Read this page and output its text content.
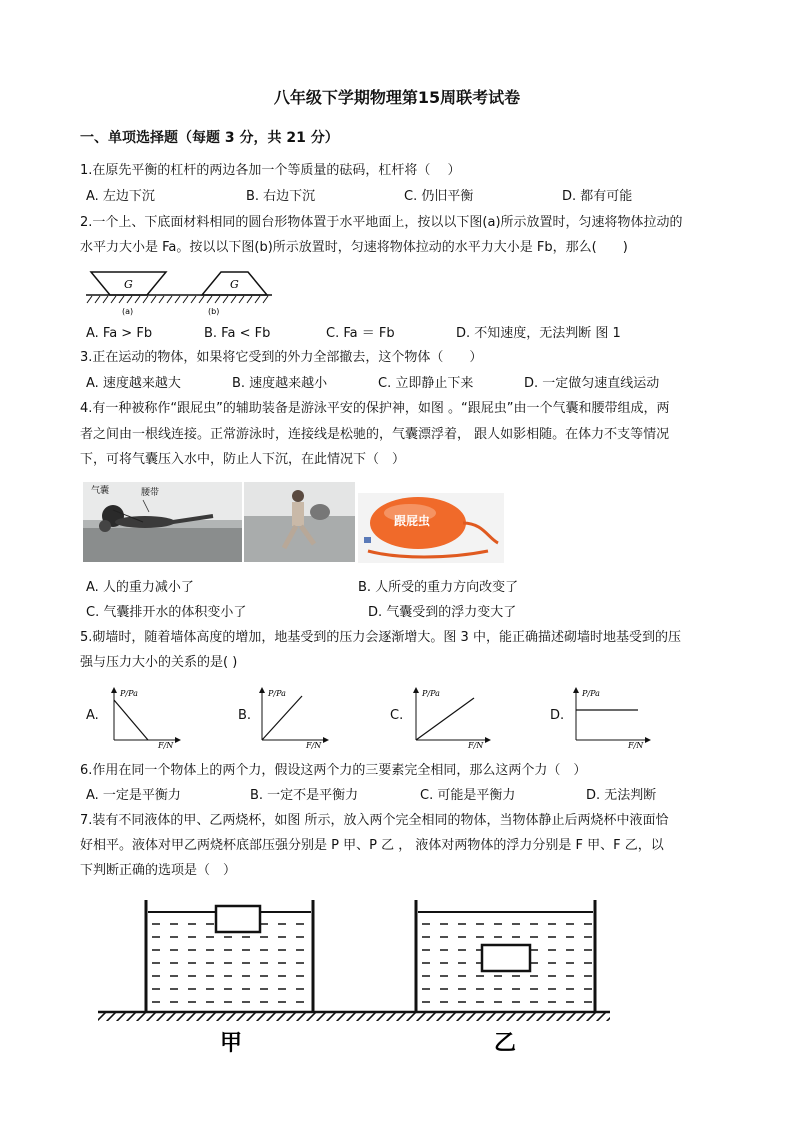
八年级下学期物理第15周联考试卷
一、单项选择题（每题 3 分，共 21 分）
1.在原先平衡的杠杆的两边各加一个等质量的砝码，杠杆将（　 ）
A. 左边下沉	B. 右边下沉	C. 仍旧平衡	D. 都有可能
2.一个上、下底面材料相同的圆台形物体置于水平地面上，按以以下图(a)所示放置时，匀速将物体拉动的
水平力大小是 Fa。按以以下图(b)所示放置时，匀速将物体拉动的水平力大小是 Fb，那么(　　)
G	G
(a)	(b)
A. Fa > Fb	B. Fa < Fb	C. Fa ＝ Fb	D. 不知速度，无法判断 图 1
3.正在运动的物体，如果将它受到的外力全部撤去，这个物体（　　）
A. 速度越来越大	B. 速度越来越小	C. 立即静止下来	D. 一定做匀速直线运动
4.有一种被称作“跟屁虫”的辅助装备是游泳平安的保护神，如图 。“跟屁虫”由一个气囊和腰带组成，两
者之间由一根线连接。正常游泳时，连接线是松驰的，气囊漂浮着， 跟人如影相随。在体力不支等情况
下，可将气囊压入水中，防止人下沉，在此情况下（　）
气囊	腰带
跟屁虫
A. 人的重力减小了	B. 人所受的重力方向改变了
C. 气囊排开水的体积变小了	D. 气囊受到的浮力变大了
5.砌墙时，随着墙体高度的增加，地基受到的压力会逐渐增大。图 3 中，能正确描述砌墙时地基受到的压
强与压力大小的关系的是( )
A.
P/Pa
F/N
B.
P/Pa
F/N
C.
P/Pa
F/N
D.
P/Pa
F/N
6.作用在同一个物体上的两个力，假设这两个力的三要素完全相同，那么这两个力（　）
A. 一定是平衡力	B. 一定不是平衡力	C. 可能是平衡力	D. 无法判断
7.装有不同液体的甲、乙两烧杯，如图 所示，放入两个完全相同的物体，当物体静止后两烧杯中液面恰
好相平。液体对甲乙两烧杯底部压强分别是 P 甲、P 乙 ， 液体对两物体的浮力分别是 F 甲、F 乙，以
下判断正确的选项是（　）
甲	乙
